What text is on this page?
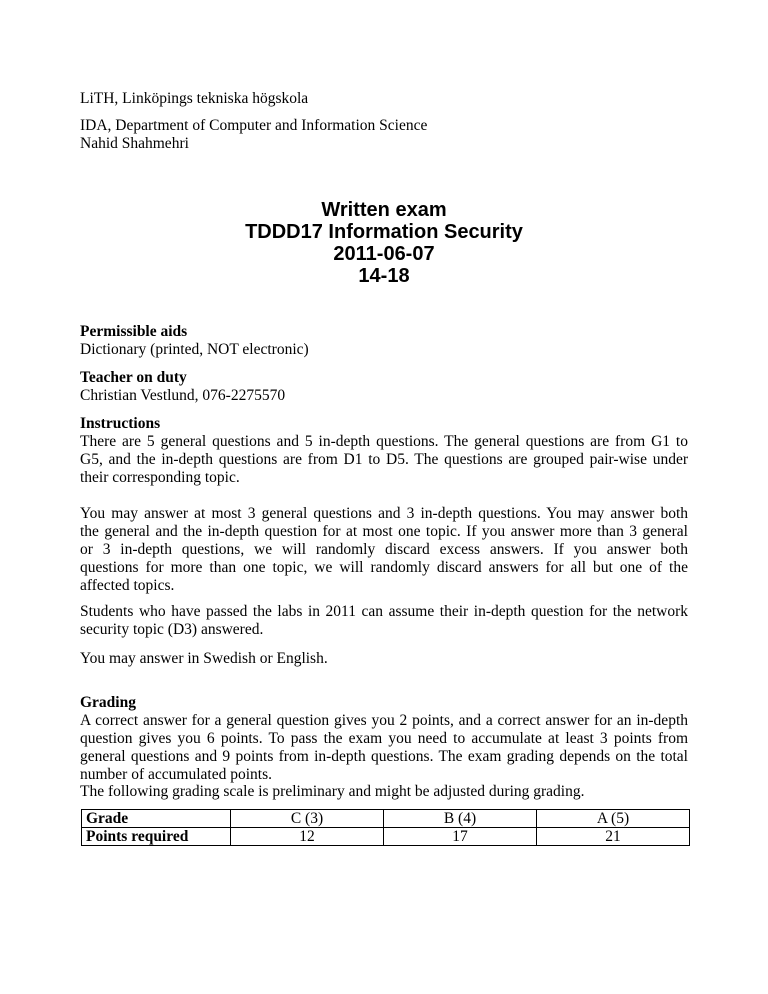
LiTH, Linköpings tekniska högskola
IDA, Department of Computer and Information Science
Nahid Shahmehri
Written exam
TDDD17 Information Security
2011-06-07
14-18
Permissible aids
Dictionary (printed, NOT electronic)
Teacher on duty
Christian Vestlund, 076-2275570
Instructions
There are 5 general questions and 5 in-depth questions. The general questions are from G1 to
G5, and the in-depth questions are from D1 to D5. The questions are grouped pair-wise under
their corresponding topic.
You may answer at most 3 general questions and 3 in-depth questions. You may answer both
the general and the in-depth question for at most one topic. If you answer more than 3 general
or 3 in-depth questions, we will randomly discard excess answers. If you answer both
questions for more than one topic, we will randomly discard answers for all but one of the
affected topics.
Students who have passed the labs in 2011 can assume their in-depth question for the network
security topic (D3) answered.
You may answer in Swedish or English.
Grading
A correct answer for a general question gives you 2 points, and a correct answer for an in-depth
question gives you 6 points. To pass the exam you need to accumulate at least 3 points from
general questions and 9 points from in-depth questions. The exam grading depends on the total
number of accumulated points.
The following grading scale is preliminary and might be adjusted during grading.
Grade	C (3)	B (4)	A (5)
Points required	12	17	21
